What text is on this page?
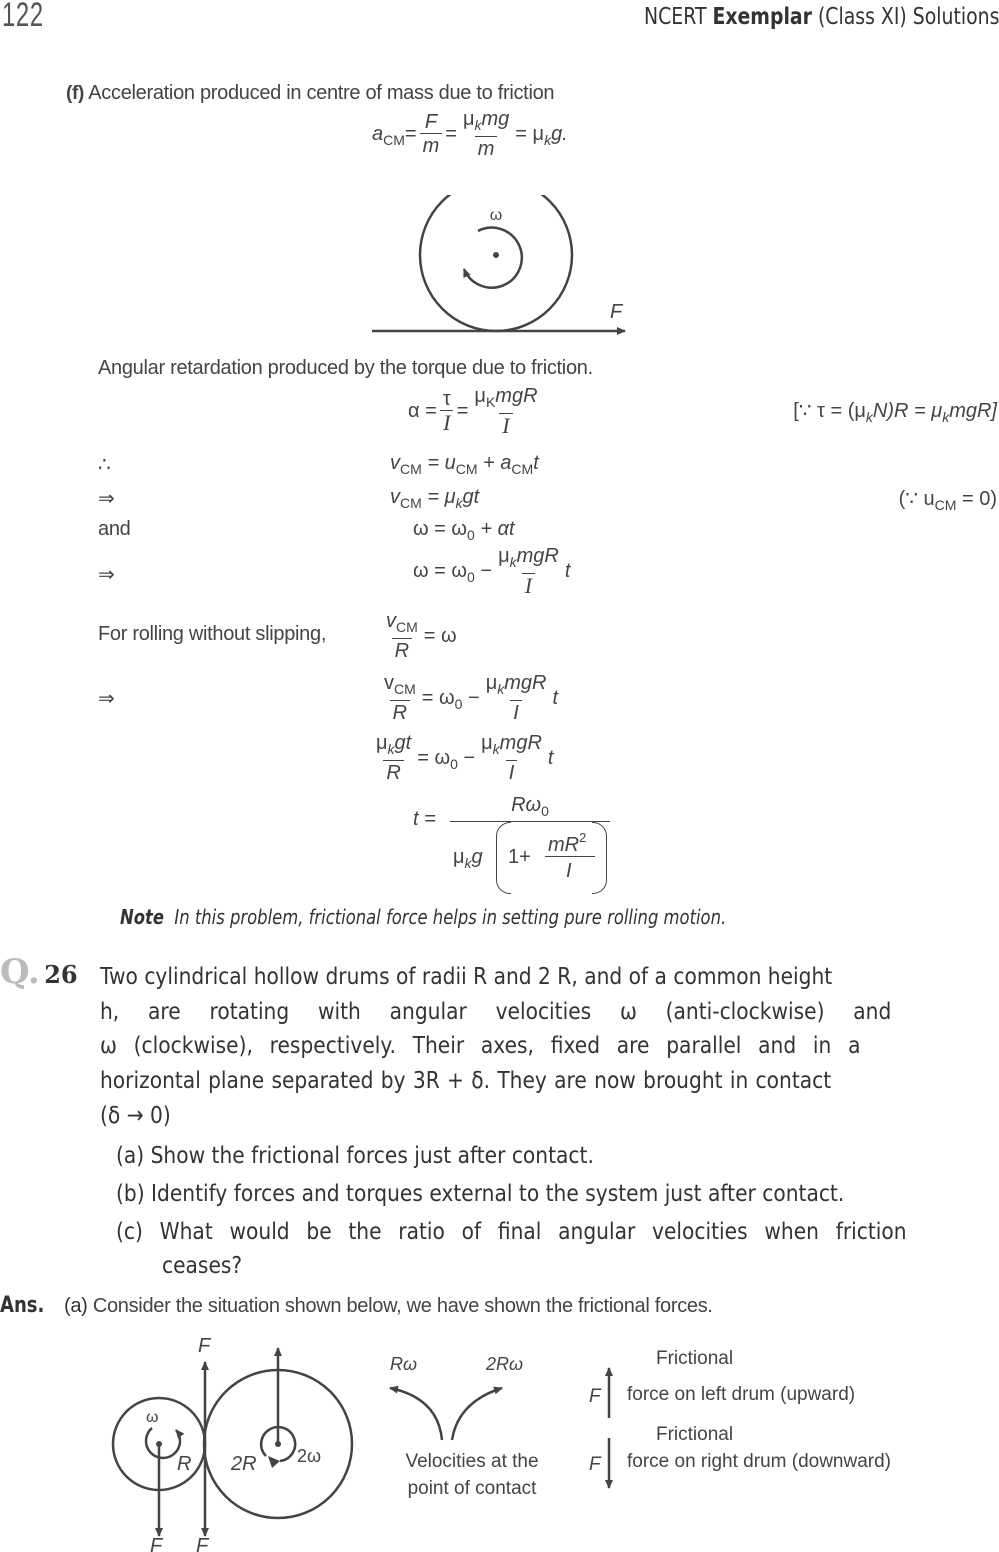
122	NCERT Exemplar (Class XI) Solutions
(f) Acceleration produced in centre of mass due to friction
$a_{CM}= \frac{F}{m} = \frac{\mu_kmg}{m} = \mu_kg$.
ω
F
Angular retardation produced by the torque due to friction.
$\alpha = \frac{\tau}{I} = \frac{\mu_KmgR}{I}$	[∵ $\tau = (\mu_kN)R = \mu_kmgR$]
∴	$v_{CM} = u_{CM} + a_{CM}t$
⇒	$v_{CM} = \mu_kgt$	(∵ $u_{CM} = 0$)
and	$\omega = \omega_0 + \alpha t$
⇒	$\omega = \omega_0 - \frac{\mu_kmgR}{I}$ t
For rolling without slipping,	$\frac{v_{CM}}{R} = \omega$
⇒	$\frac{v_{CM}}{R} = \omega_0 - \frac{\mu_kmgR}{I}$ t
$\frac{\mu_kgt}{R} = \omega_0 - \frac{\mu_kmgR}{I}$ t
t =
$R\omega_0$
$\mu_kg$ 1+
$mR^2$
I
Note In this problem, frictional force helps in setting pure rolling motion.
Q. 26 Two cylindrical hollow drums of radii R and 2 R, and of a common height
h, are rotating with angular velocities ω (anti-clockwise) and
ω (clockwise), respectively. Their axes, fixed are parallel and in a
horizontal plane separated by 3R + δ. They are now brought in contact
(δ → 0)
(a) Show the frictional forces just after contact.
(b) Identify forces and torques external to the system just after contact.
(c) What would be the ratio of final angular velocities when friction
ceases?
Ans. (a) Consider the situation shown below, we have shown the frictional forces.
ω
R 2R 2ω
F
F F
Rω	2Rω
Velocities at the
point of contact
F
Frictional
force on left drum (upward)
F
Frictional
force on right drum (downward)
